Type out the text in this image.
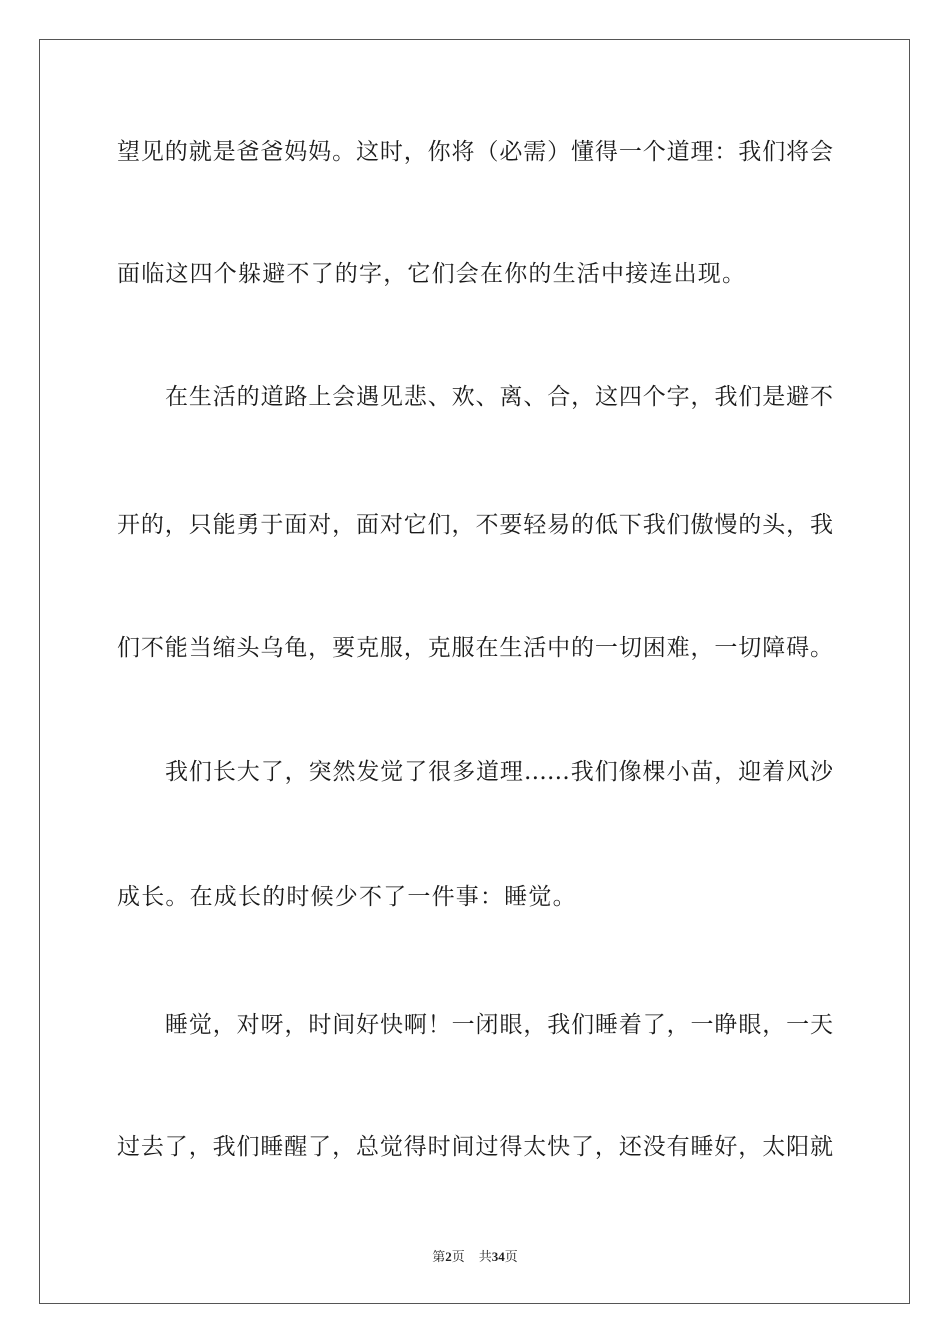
望见的就是爸爸妈妈。这时，你将（必需）懂得一个道理：我们将会
面临这四个躲避不了的字，它们会在你的生活中接连出现。
在生活的道路上会遇见悲、欢、离、合，这四个字，我们是避不
开的，只能勇于面对，面对它们，不要轻易的低下我们傲慢的头，我
们不能当缩头乌龟，要克服，克服在生活中的一切困难，一切障碍。
我们长大了，突然发觉了很多道理……我们像棵小苗，迎着风沙
成长。在成长的时候少不了一件事：睡觉。
睡觉，对呀，时间好快啊！一闭眼，我们睡着了，一睁眼，一天
过去了，我们睡醒了，总觉得时间过得太快了，还没有睡好，太阳就
第2页 共34页
